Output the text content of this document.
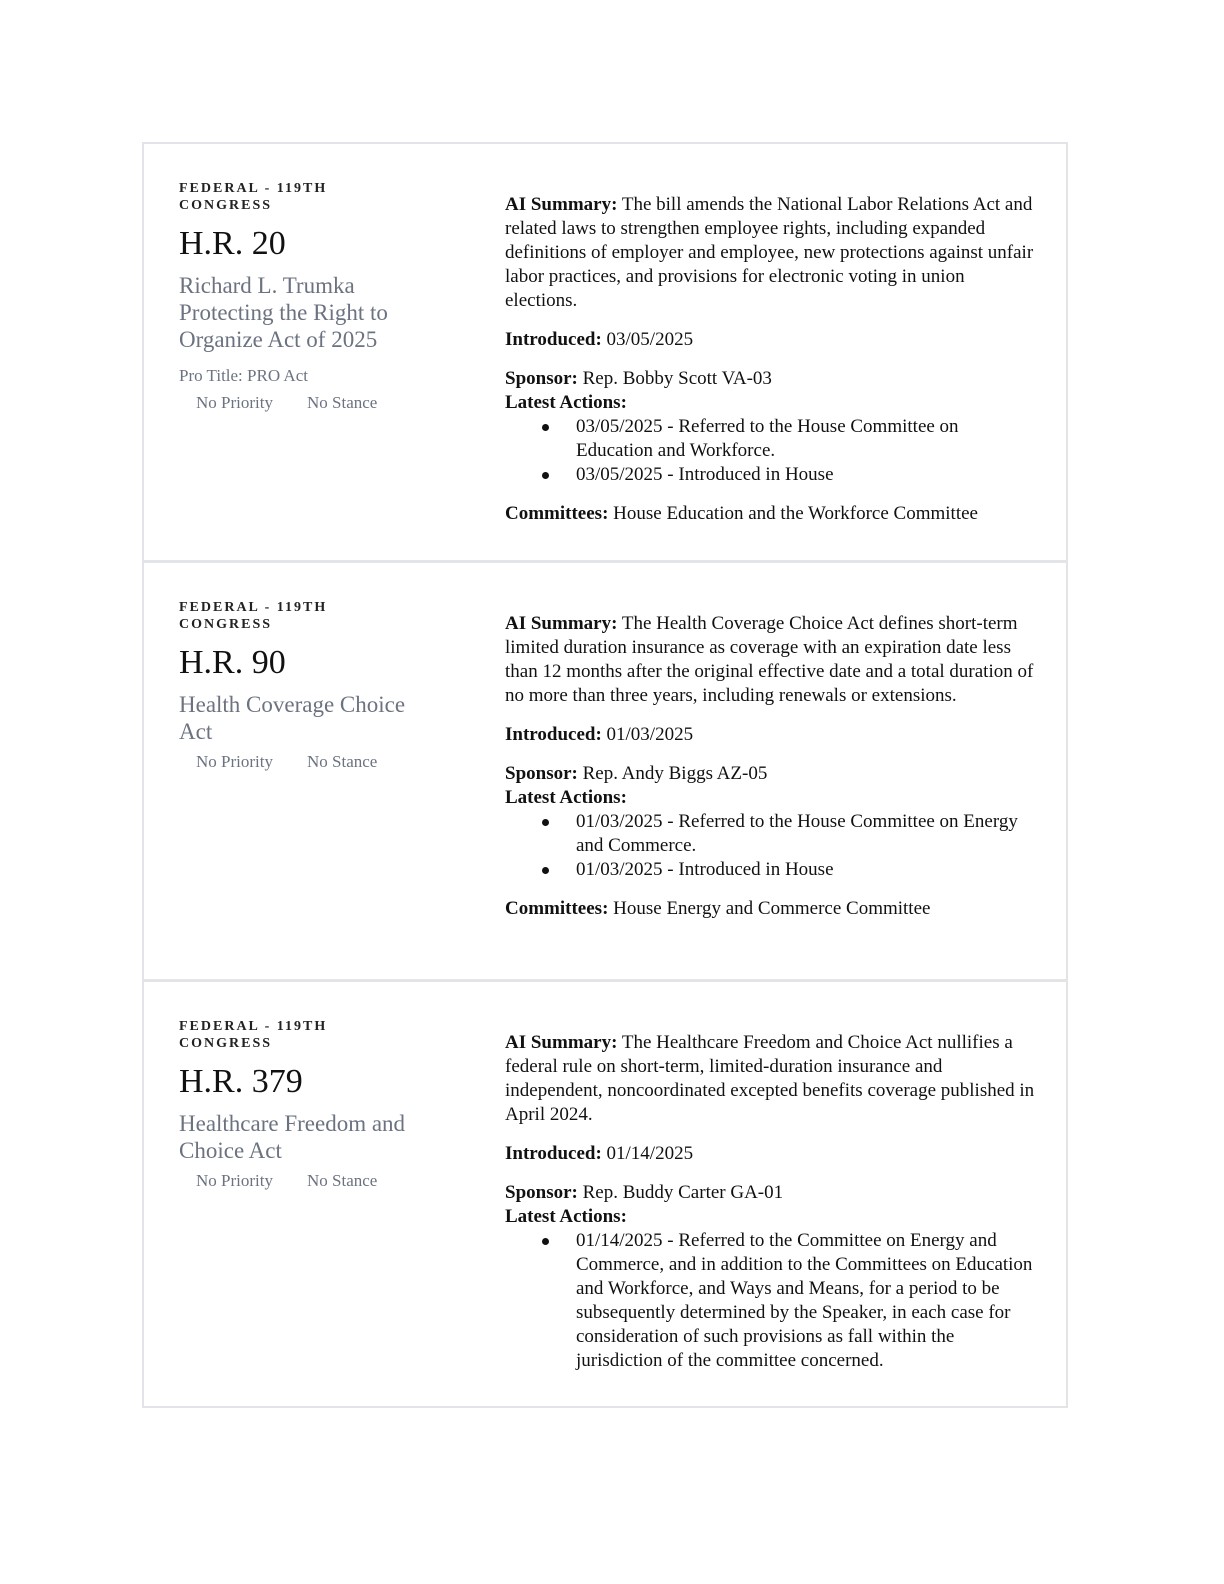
FEDERAL - 119TH CONGRESS
H.R. 20
Richard L. Trumka Protecting the Right to Organize Act of 2025
Pro Title: PRO Act
No Priority No Stance

AI Summary: The bill amends the National Labor Relations Act and related laws to strengthen employee rights, including expanded definitions of employer and employee, new protections against unfair labor practices, and provisions for electronic voting in union elections.

Introduced: 03/05/2025
Sponsor: Rep. Bobby Scott VA-03
Latest Actions:
03/05/2025 - Referred to the House Committee on Education and Workforce.
03/05/2025 - Introduced in House
Committees: House Education and the Workforce Committee
FEDERAL - 119TH CONGRESS
H.R. 90
Health Coverage Choice Act
No Priority No Stance

AI Summary: The Health Coverage Choice Act defines short-term limited duration insurance as coverage with an expiration date less than 12 months after the original effective date and a total duration of no more than three years, including renewals or extensions.

Introduced: 01/03/2025
Sponsor: Rep. Andy Biggs AZ-05
Latest Actions:
01/03/2025 - Referred to the House Committee on Energy and Commerce.
01/03/2025 - Introduced in House
Committees: House Energy and Commerce Committee
FEDERAL - 119TH CONGRESS
H.R. 379
Healthcare Freedom and Choice Act
No Priority No Stance

AI Summary: The Healthcare Freedom and Choice Act nullifies a federal rule on short-term, limited-duration insurance and independent, noncoordinated excepted benefits coverage published in April 2024.

Introduced: 01/14/2025
Sponsor: Rep. Buddy Carter GA-01
Latest Actions:
01/14/2025 - Referred to the Committee on Energy and Commerce, and in addition to the Committees on Education and Workforce, and Ways and Means, for a period to be subsequently determined by the Speaker, in each case for consideration of such provisions as fall within the jurisdiction of the committee concerned.
